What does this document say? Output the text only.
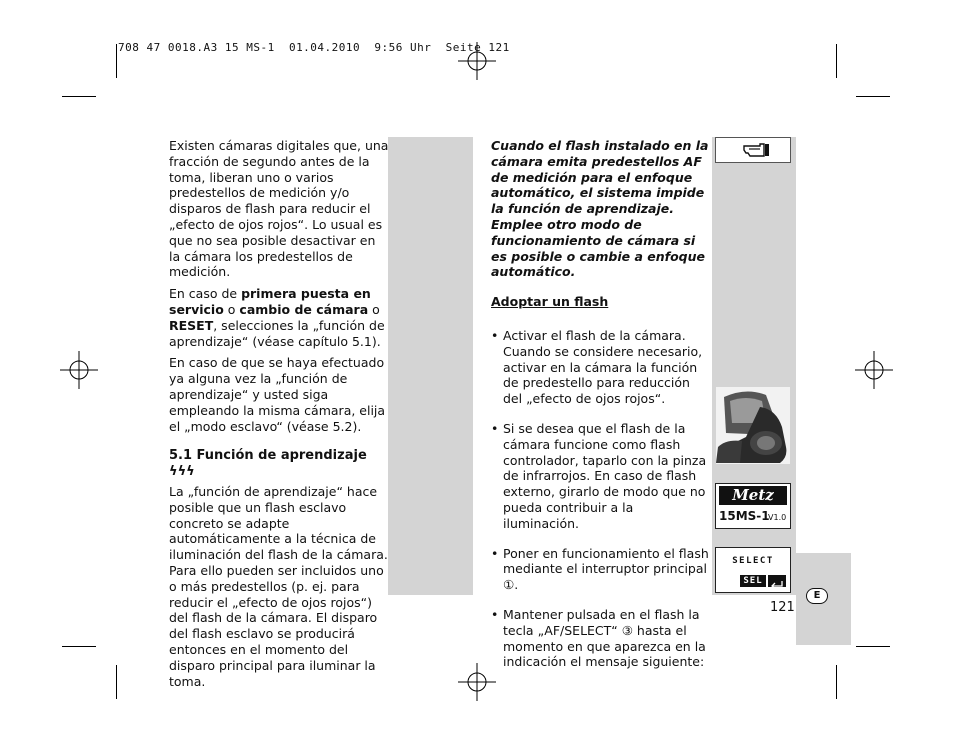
708 47 0018.A3 15 MS-1  01.04.2010  9:56 Uhr  Seite 121

Existen cámaras digitales que, una fracción de segundo antes de la toma, liberan uno o varios predestellos de medición y/o disparos de flash para reducir el „efecto de ojos rojos“. Lo usual es que no sea posible desactivar en la cámara los predestellos de medición.

En caso de primera puesta en servicio o cambio de cámara o RESET, selecciones la „función de aprendizaje“ (véase capítulo 5.1).

En caso de que se haya efectuado ya alguna vez la „función de aprendizaje“ y usted siga empleando la misma cámara, elija el „modo esclavo“ (véase 5.2).

5.1 Función de aprendizaje ϟϟϟ

La „función de aprendizaje“ hace posible que un flash esclavo concreto se adapte automáticamente a la técnica de iluminación del flash de la cámara. Para ello pueden ser incluidos uno o más predestellos (p. ej. para reducir el „efecto de ojos rojos“) del flash de la cámara. El disparo del flash esclavo se producirá entonces en el momento del disparo principal para iluminar la toma.

Cuando el flash instalado en la cámara emita predestellos AF de medición para el enfoque automático, el sistema impide la función de aprendizaje. Emplee otro modo de funcionamiento de cámara si es posible o cambie a enfoque automático.

Adoptar un flash

• Activar el flash de la cámara. Cuando se considere necesario, activar en la cámara la función de predestello para reducción del „efecto de ojos rojos“.
• Si se desea que el flash de la cámara funcione como flash controlador, taparlo con la pinza de infrarrojos. En caso de flash externo, girarlo de modo que no pueda contribuir a la iluminación.
• Poner en funcionamiento el flash mediante el interruptor principal ①.
• Mantener pulsada en el flash la tecla „AF/SELECT“ ③ hasta el momento en que aparezca en la indicación el mensaje siguiente:
Metz
15MS-1
V1.0
SELECT
SEL
121
E
